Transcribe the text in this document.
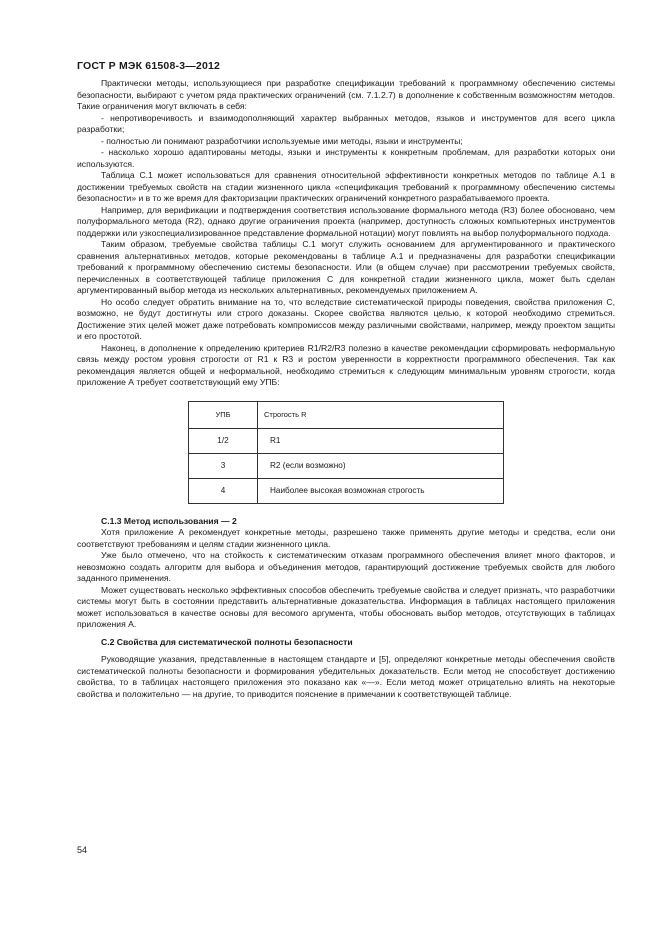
ГОСТ Р МЭК 61508-3—2012

Практически методы, использующиеся при разработке спецификации требований к программному обеспечению системы безопасности, выбирают с учетом ряда практических ограничений (см. 7.1.2.7) в дополнение к собственным возможностям методов. Такие ограничения могут включать в себя:

- непротиворечивость и взаимодополняющий характер выбранных методов, языков и инструментов для всего цикла разработки;

- полностью ли понимают разработчики используемые ими методы, языки и инструменты;

- насколько хорошо адаптированы методы, языки и инструменты к конкретным проблемам, для разработки которых они используются.

Таблица С.1 может использоваться для сравнения относительной эффективности конкретных методов по таблице А.1 в достижении требуемых свойств на стадии жизненного цикла «спецификация требований к программному обеспечению системы безопасности» и в то же время для факторизации практических ограничений конкретного разрабатываемого проекта.

Например, для верификации и подтверждения соответствия использование формального метода (R3) более обосновано, чем полуформального метода (R2), однако другие ограничения проекта (например, доступность сложных компьютерных инструментов поддержки или узкоспециализированное представление формальной нотации) могут повлиять на выбор полуформального подхода.

Таким образом, требуемые свойства таблицы С.1 могут служить основанием для аргументированного и практического сравнения альтернативных методов, которые рекомендованы в таблице А.1 и предназначены для разработки спецификации требований к программному обеспечению системы безопасности. Или (в общем случае) при рассмотрении требуемых свойств, перечисленных в соответствующей таблице приложения С для конкретной стадии жизненного цикла, может быть сделан аргументированный выбор метода из нескольких альтернативных, рекомендуемых приложением А.

Но особо следует обратить внимание на то, что вследствие систематической природы поведения, свойства приложения С, возможно, не будут достигнуты или строго доказаны. Скорее свойства являются целью, к которой необходимо стремиться. Достижение этих целей может даже потребовать компромиссов между различными свойствами, например, между проектом защиты и его простотой.

Наконец, в дополнение к определению критериев R1/R2/R3 полезно в качестве рекомендации сформировать неформальную связь между ростом уровня строгости от R1 к R3 и ростом уверенности в корректности программного обеспечения. Так как рекомендация является общей и неформальной, необходимо стремиться к следующим минимальным уровням строгости, когда приложение А требует соответствующий ему УПБ:

УПБ	Строгость R
1/2	R1
3	R2 (если возможно)
4	Наиболее высокая возможная строгость

С.1.3 Метод использования — 2

Хотя приложение А рекомендует конкретные методы, разрешено также применять другие методы и средства, если они соответствуют требованиям и целям стадии жизненного цикла.

Уже было отмечено, что на стойкость к систематическим отказам программного обеспечения влияет много факторов, и невозможно создать алгоритм для выбора и объединения методов, гарантирующий достижение требуемых свойств для любого заданного применения.

Может существовать несколько эффективных способов обеспечить требуемые свойства и следует признать, что разработчики системы могут быть в состоянии представить альтернативные доказательства. Информация в таблицах настоящего приложения может использоваться в качестве основы для весомого аргумента, чтобы обосновать выбор методов, отсутствующих в таблицах приложения А.

С.2 Свойства для систематической полноты безопасности

Руководящие указания, представленные в настоящем стандарте и [5], определяют конкретные методы обеспечения свойств систематической полноты безопасности и формирования убедительных доказательств. Если метод не способствует достижению свойства, то в таблицах настоящего приложения это показано как «—». Если метод может отрицательно влиять на некоторые свойства и положительно — на другие, то приводится пояснение в примечании к соответствующей таблице.

54
